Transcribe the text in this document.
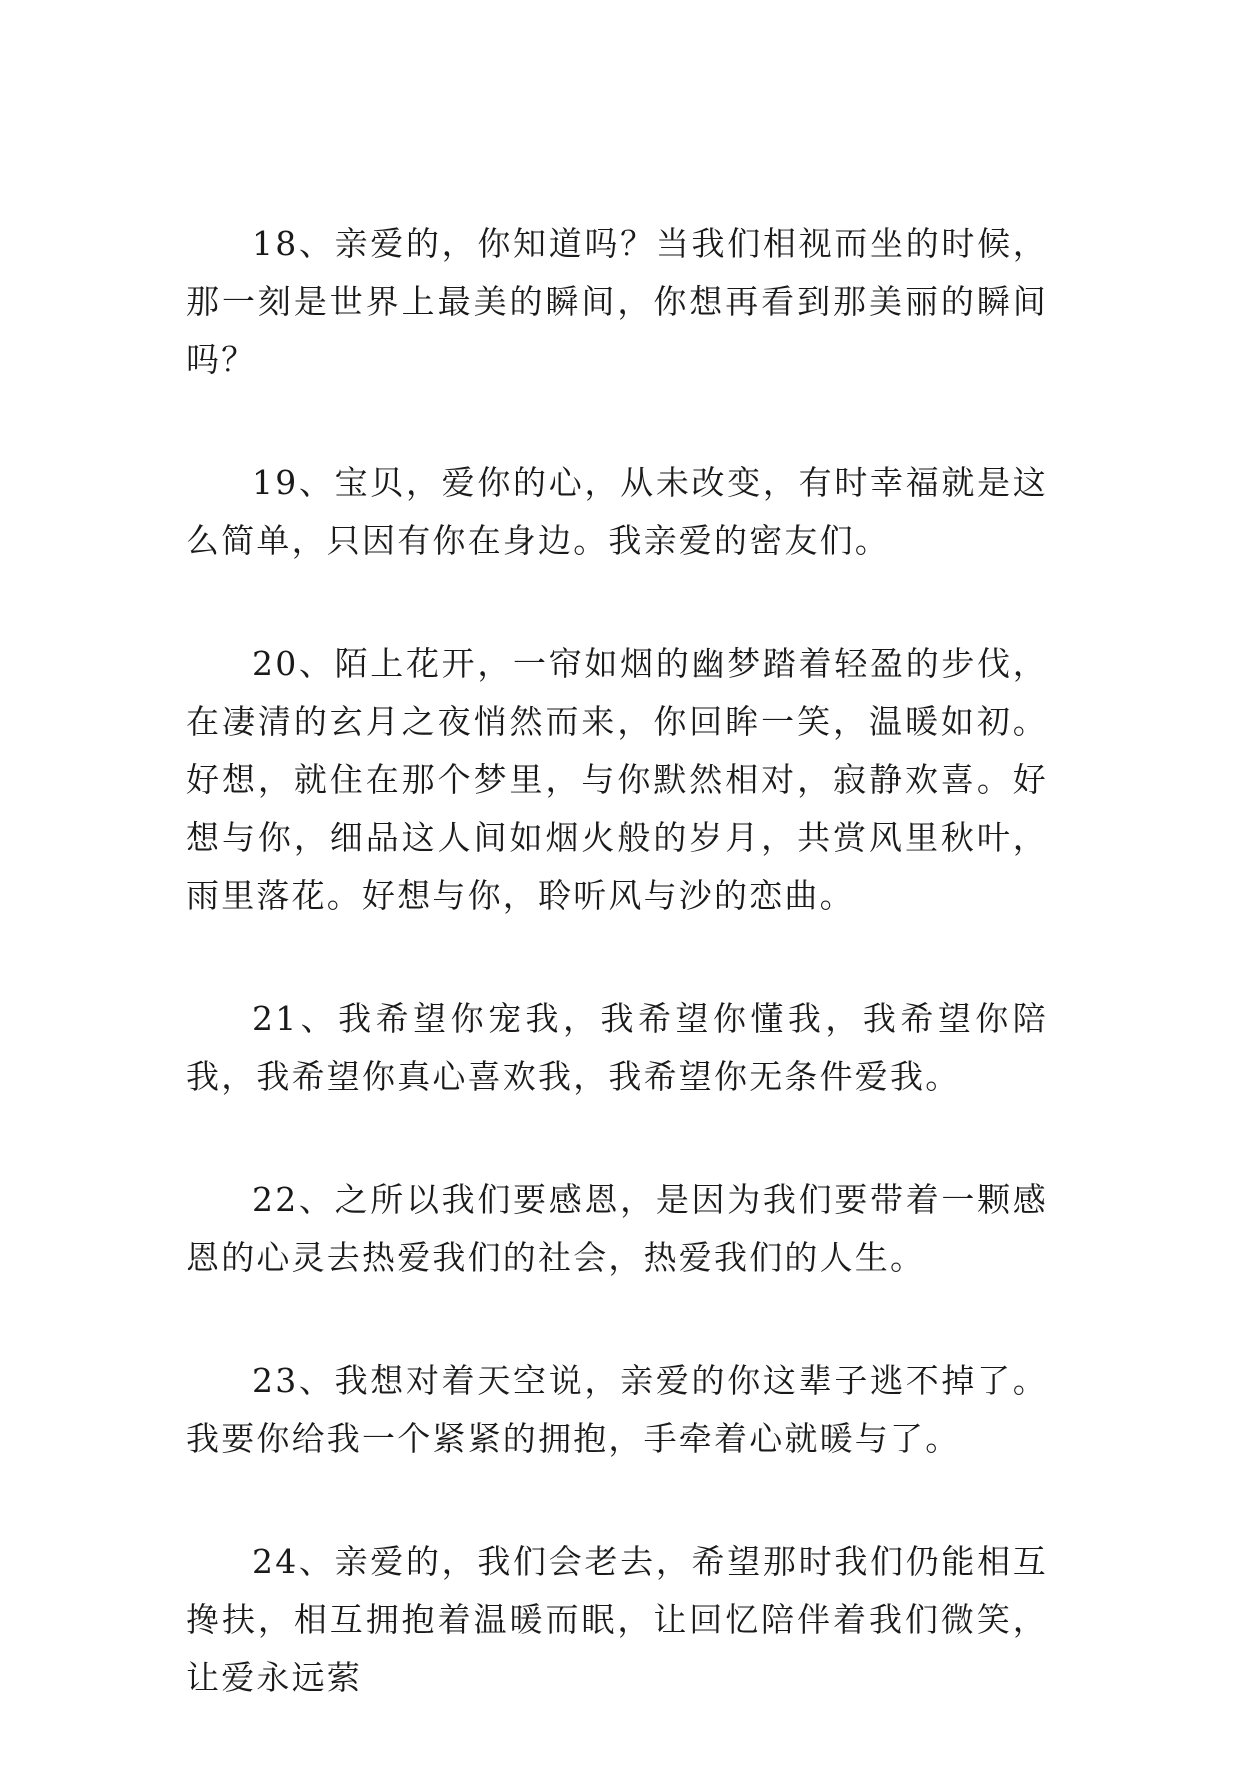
18、亲爱的，你知道吗？当我们相视而坐的时候，那一刻是世界上最美的瞬间，你想再看到那美丽的瞬间吗？

19、宝贝，爱你的心，从未改变，有时幸福就是这么简单，只因有你在身边。我亲爱的密友们。

20、陌上花开，一帘如烟的幽梦踏着轻盈的步伐，在凄清的玄月之夜悄然而来，你回眸一笑，温暖如初。好想，就住在那个梦里，与你默然相对，寂静欢喜。好想与你，细品这人间如烟火般的岁月，共赏风里秋叶，雨里落花。好想与你，聆听风与沙的恋曲。

21、我希望你宠我，我希望你懂我，我希望你陪我，我希望你真心喜欢我，我希望你无条件爱我。

22、之所以我们要感恩，是因为我们要带着一颗感恩的心灵去热爱我们的社会，热爱我们的人生。

23、我想对着天空说，亲爱的你这辈子逃不掉了。我要你给我一个紧紧的拥抱，手牵着心就暖与了。

24、亲爱的，我们会老去，希望那时我们仍能相互搀扶，相互拥抱着温暖而眠，让回忆陪伴着我们微笑，让爱永远萦
